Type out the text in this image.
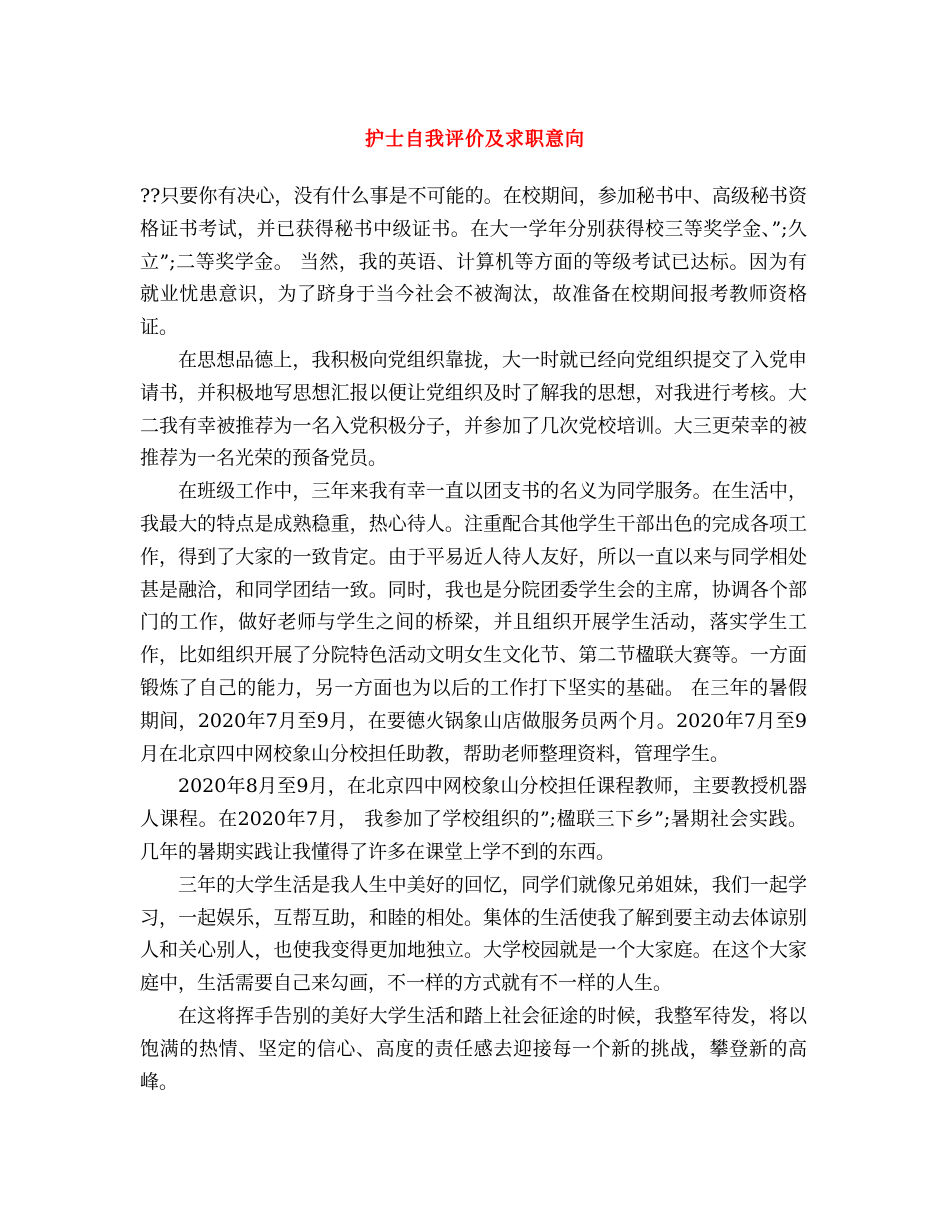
护士自我评价及求职意向

??只要你有决心，没有什么事是不可能的。在校期间，参加秘书中、高级秘书资格证书考试，并已获得秘书中级证书。在大一学年分别获得校三等奖学金、”;久立”;二等奖学金。 当然，我的英语、计算机等方面的等级考试已达标。因为有就业忧患意识，为了跻身于当今社会不被淘汰，故准备在校期间报考教师资格证。

在思想品德上，我积极向党组织靠拢，大一时就已经向党组织提交了入党申请书，并积极地写思想汇报以便让党组织及时了解我的思想，对我进行考核。大二我有幸被推荐为一名入党积极分子，并参加了几次党校培训。大三更荣幸的被推荐为一名光荣的预备党员。

在班级工作中，三年来我有幸一直以团支书的名义为同学服务。在生活中，我最大的特点是成熟稳重，热心待人。注重配合其他学生干部出色的完成各项工作，得到了大家的一致肯定。由于平易近人待人友好，所以一直以来与同学相处甚是融洽，和同学团结一致。同时，我也是分院团委学生会的主席，协调各个部门的工作，做好老师与学生之间的桥梁，并且组织开展学生活动，落实学生工作，比如组织开展了分院特色活动文明女生文化节、第二节楹联大赛等。一方面锻炼了自己的能力，另一方面也为以后的工作打下坚实的基础。 在三年的暑假期间，2020年7月至9月，在要德火锅象山店做服务员两个月。2020年7月至9月在北京四中网校象山分校担任助教，帮助老师整理资料，管理学生。

2020年8月至9月，在北京四中网校象山分校担任课程教师，主要教授机器人课程。在2020年7月， 我参加了学校组织的”;楹联三下乡”;暑期社会实践。几年的暑期实践让我懂得了许多在课堂上学不到的东西。

三年的大学生活是我人生中美好的回忆，同学们就像兄弟姐妹，我们一起学习，一起娱乐，互帮互助，和睦的相处。集体的生活使我了解到要主动去体谅别人和关心别人，也使我变得更加地独立。大学校园就是一个大家庭。在这个大家庭中，生活需要自己来勾画，不一样的方式就有不一样的人生。

在这将挥手告别的美好大学生活和踏上社会征途的时候，我整军待发，将以饱满的热情、坚定的信心、高度的责任感去迎接每一个新的挑战，攀登新的高峰。
